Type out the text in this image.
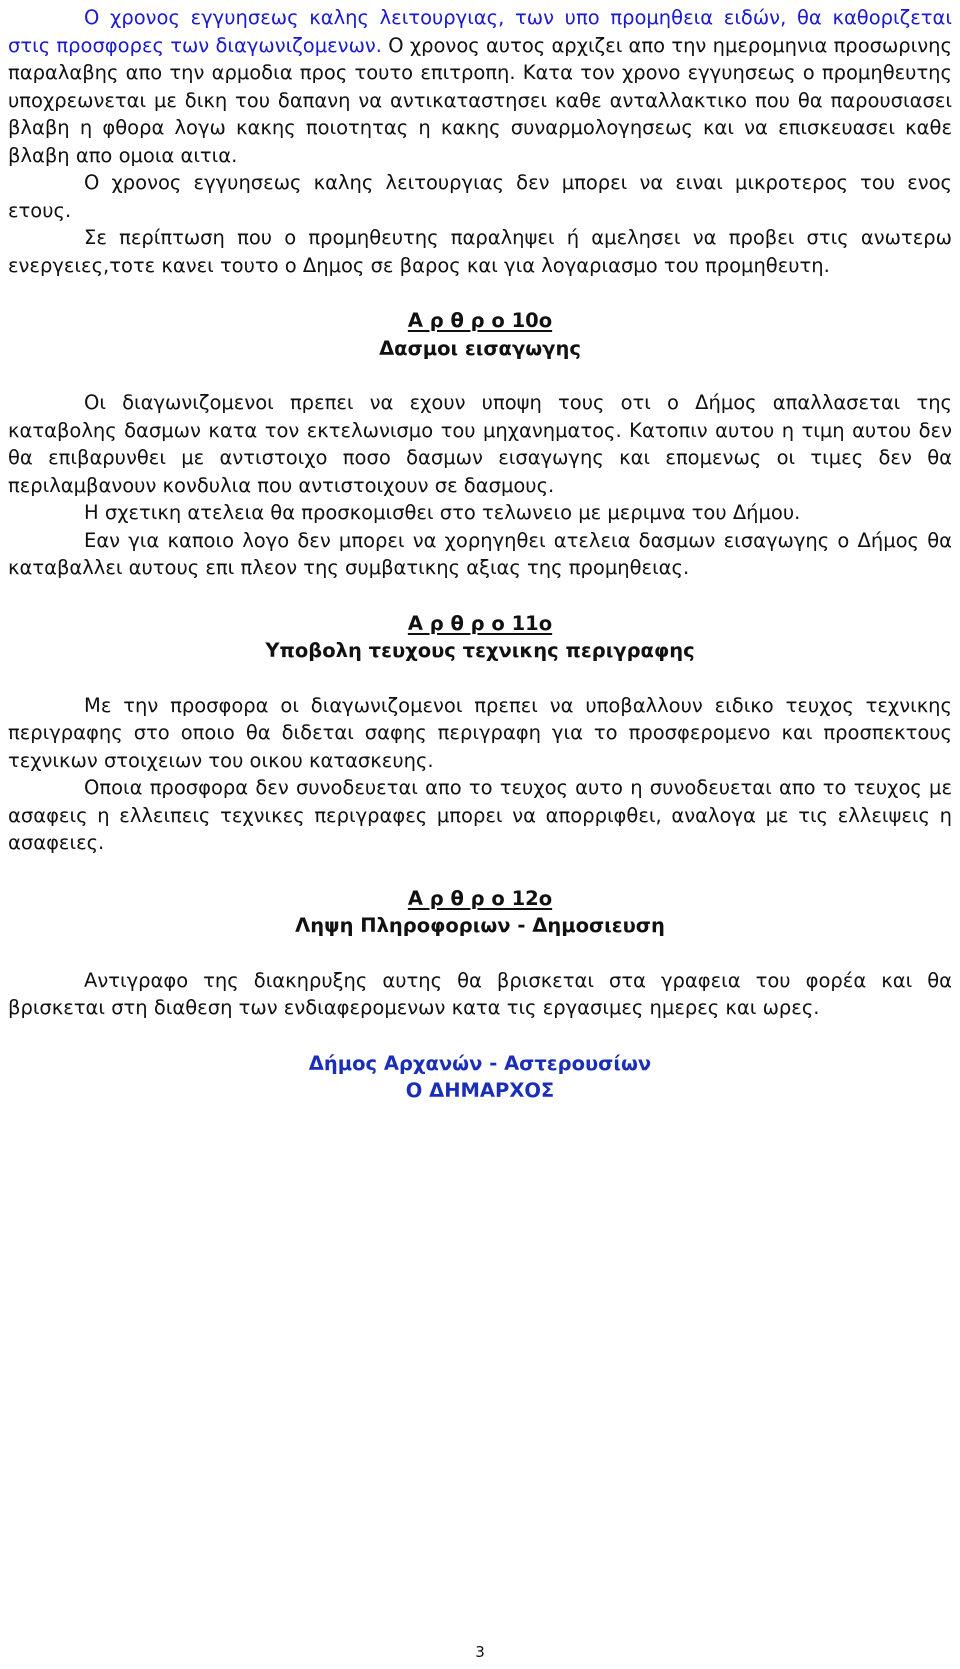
Ο χρονος εγγυησεως καλης λειτουργιας, των υπο προμηθεια ειδών, θα καθοριζεται στις προσφορες των διαγωνιζομενων. Ο χρονος αυτος αρχιζει απο την ημερομηνια προσωρινης παραλαβης απο την αρμοδια προς τουτο επιτροπη. Κατα τον χρονο εγγυησεως ο προμηθευτης υποχρεωνεται με δικη του δαπανη να αντικαταστησει καθε ανταλλακτικο που θα παρουσιασει βλαβη η φθορα λογω κακης ποιοτητας η κακης συναρμολογησεως και να επισκευασει καθε βλαβη απο ομοια αιτια.

Ο χρονος εγγυησεως καλης λειτουργιας δεν μπορει να ειναι μικροτερος του ενος ετους.

Σε περίπτωση που ο προμηθευτης παραληψει ή αμελησει να προβει στις ανωτερω ενεργειες,τοτε κανει τουτο ο Δημος σε βαρος και για λογαριασμο του προμηθευτη.

Α ρ θ ρ ο 10ο

Δασμοι εισαγωγης

Οι διαγωνιζομενοι πρεπει να εχουν υποψη τους οτι ο Δήμος απαλλασεται της καταβολης δασμων κατα τον εκτελωνισμο του μηχανηματος. Κατοπιν αυτου η τιμη αυτου δεν θα επιβαρυνθει με αντιστοιχο ποσο δασμων εισαγωγης και επομενως οι τιμες δεν θα περιλαμβανουν κονδυλια που αντιστοιχουν σε δασμους.

Η σχετικη ατελεια θα προσκομισθει στο τελωνειο με μεριμνα του Δήμου.

Εαν για καποιο λογο δεν μπορει να χορηγηθει ατελεια δασμων εισαγωγης ο Δήμος θα καταβαλλει αυτους επι πλεον της συμβατικης αξιας της προμηθειας.

Α ρ θ ρ ο 11ο

Υποβολη τευχους τεχνικης περιγραφης

Με την προσφορα οι διαγωνιζομενοι πρεπει να υποβαλλουν ειδικο τευχος τεχνικης περιγραφης στο οποιο θα διδεται σαφης περιγραφη για το προσφερομενο και προσπεκτους τεχνικων στοιχειων του οικου κατασκευης.

Οποια προσφορα δεν συνοδευεται απο το τευχος αυτο η συνοδευεται απο το τευχος με ασαφεις η ελλειπεις τεχνικες περιγραφες μπορει να απορριφθει, αναλογα με τις ελλειψεις η ασαφειες.

Α ρ θ ρ ο 12ο

Ληψη Πληροφοριων - Δημοσιευση

Αντιγραφο της διακηρυξης αυτης θα βρισκεται στα γραφεια του φορέα και θα βρισκεται στη διαθεση των ενδιαφερομενων κατα τις εργασιμες ημερες και ωρες.

Δήμος Αρχανών - Αστερουσίων

Ο ΔΗΜΑΡΧΟΣ

3
